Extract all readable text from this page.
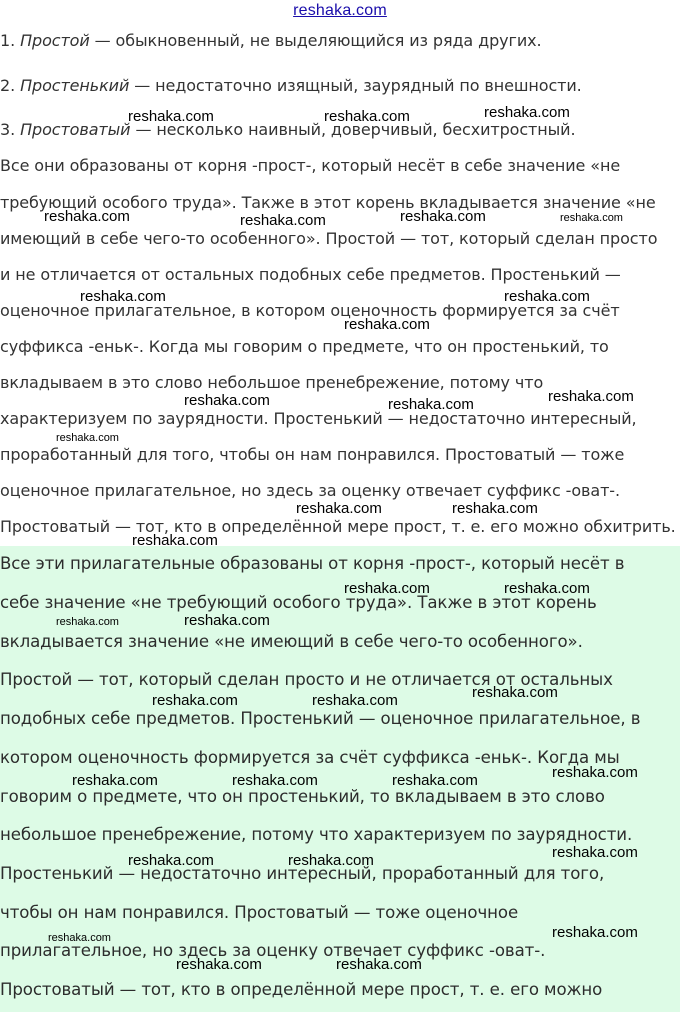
reshaka.com
1. Простой — обыкновенный, не выделяющийся из ряда других.
2. Простенький — недостаточно изящный, заурядный по внешности.
3. Простоватый — несколько наивный, доверчивый, бесхитростный.
Все они образованы от корня -прост-, который несёт в себе значение «не
требующий особого труда». Также в этот корень вкладывается значение «не
имеющий в себе чего-то особенного». Простой — тот, который сделан просто
и не отличается от остальных подобных себе предметов. Простенький —
оценочное прилагательное, в котором оценочность формируется за счёт
суффикса -еньк-. Когда мы говорим о предмете, что он простенький, то
вкладываем в это слово небольшое пренебрежение, потому что
характеризуем по заурядности. Простенький — недостаточно интересный,
проработанный для того, чтобы он нам понравился. Простоватый — тоже
оценочное прилагательное, но здесь за оценку отвечает суффикс -оват-.
Простоватый — тот, кто в определённой мере прост, т. е. его можно обхитрить.
Все эти прилагательные образованы от корня -прост-, который несёт в
себе значение «не требующий особого труда». Также в этот корень
вкладывается значение «не имеющий в себе чего-то особенного».
Простой — тот, который сделан просто и не отличается от остальных
подобных себе предметов. Простенький — оценочное прилагательное, в
котором оценочность формируется за счёт суффикса -еньк-. Когда мы
говорим о предмете, что он простенький, то вкладываем в это слово
небольшое пренебрежение, потому что характеризуем по заурядности.
Простенький — недостаточно интересный, проработанный для того,
чтобы он нам понравился. Простоватый — тоже оценочное
прилагательное, но здесь за оценку отвечает суффикс -оват-.
Простоватый — тот, кто в определённой мере прост, т. е. его можно
reshaka.com	reshaka.com	reshaka.com
reshaka.com	reshaka.com	reshaka.com	reshaka.com
reshaka.com	reshaka.com
reshaka.com
reshaka.com
reshaka.com	reshaka.com
reshaka.com
reshaka.com	reshaka.com
reshaka.com
reshaka.com	reshaka.com
reshaka.com	reshaka.com
reshaka.com
reshaka.com	reshaka.com
reshaka.com
reshaka.com	reshaka.com	reshaka.com
reshaka.com
reshaka.com	reshaka.com
reshaka.com
reshaka.com
reshaka.com	reshaka.com
